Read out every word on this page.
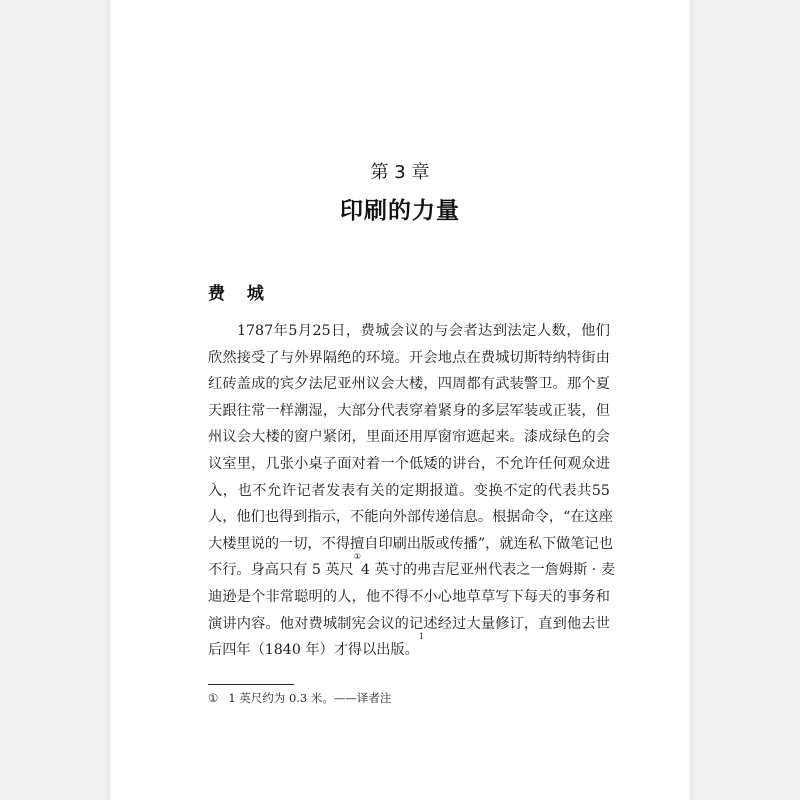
第 3 章
印刷的力量
费 城
1787 年 5 月 25 日 ， 费 城 会 议 的 与 会 者 达 到 法 定 人 数 ， 他 们
欣 然 接 受 了 与 外 界 隔 绝 的 环 境 。 开 会 地 点 在 费 城 切 斯 特 纳 特 街 由
红 砖 盖 成 的 宾 夕 法 尼 亚 州 议 会 大 楼 ， 四 周 都 有 武 装 警 卫 。 那 个 夏
天 跟 往 常 一 样 潮 湿 ， 大 部 分 代 表 穿 着 紧 身 的 多 层 军 装 或 正 装 ， 但
州 议 会 大 楼 的 窗 户 紧 闭 ， 里 面 还 用 厚 窗 帘 遮 起 来 。 漆 成 绿 色 的 会
议 室 里 ， 几 张 小 桌 子 面 对 着 一 个 低 矮 的 讲 台 ， 不 允 许 任 何 观 众 进
入 ， 也 不 允 许 记 者 发 表 有 关 的 定 期 报 道 。 变 换 不 定 的 代 表 共 55
人 ， 他 们 也 得 到 指 示 ， 不 能 向 外 部 传 递 信 息 。 根 据 命 令 ， “ 在 这 座
大 楼 里 说 的 一 切 ， 不 得 擅 自 印 刷 出 版 或 传 播 ” ， 就 连 私 下 做 笔 记 也
不行。身高只有 5 英尺
①
4 英寸的弗吉尼亚州代表之一詹姆斯 · 麦
迪 逊 是 个 非 常 聪 明 的 人 ， 他 不 得 不 小 心 地 草 草 写 下 每 天 的 事 务 和
演 讲 内 容 。 他 对 费 城 制 宪 会 议 的 记 述 经 过 大 量 修 订 ， 直 到 他 去 世
后四年（1840 年）才得以出版。
1
① 1 英尺约为 0.3 米。——译者注
